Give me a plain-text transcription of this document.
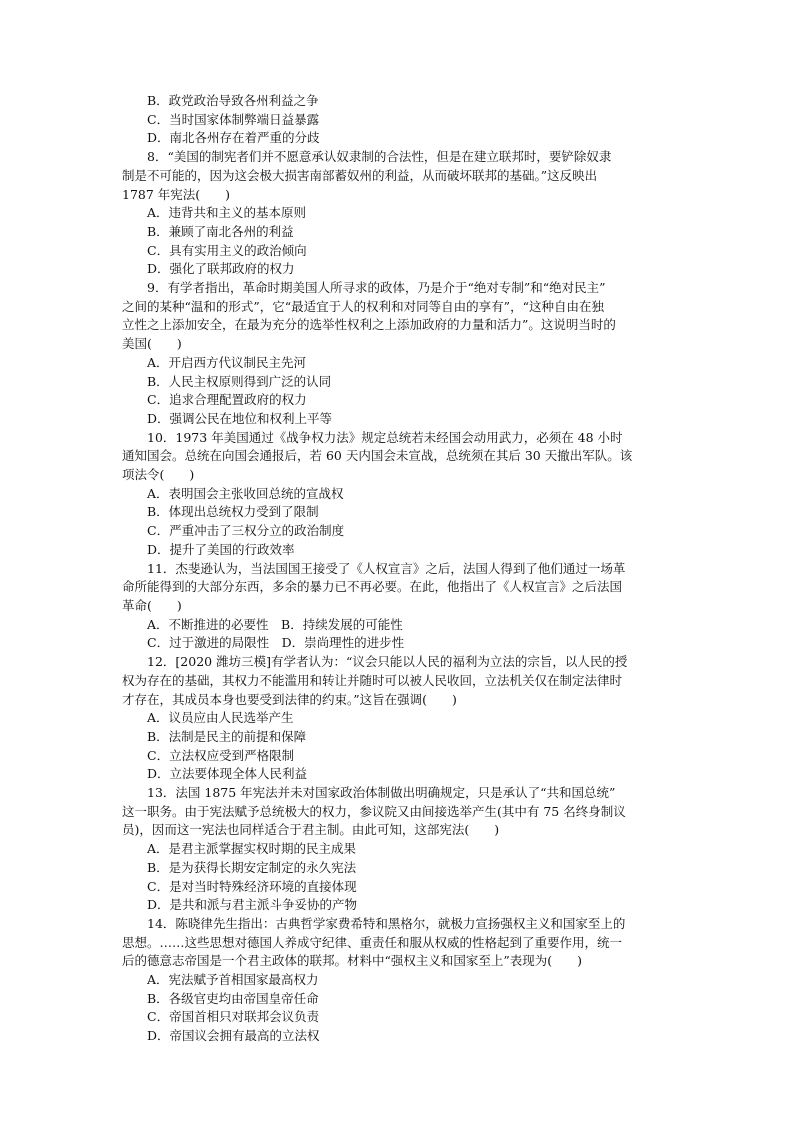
B．政党政治导致各州利益之争
C．当时国家体制弊端日益暴露
D．南北各州存在着严重的分歧
8．“美国的制宪者们并不愿意承认奴隶制的合法性，但是在建立联邦时，要铲除奴隶
制是不可能的，因为这会极大损害南部蓄奴州的利益，从而破坏联邦的基础。”这反映出
1787 年宪法(　　)
A．违背共和主义的基本原则
B．兼顾了南北各州的利益
C．具有实用主义的政治倾向
D．强化了联邦政府的权力
9．有学者指出，革命时期美国人所寻求的政体，乃是介于“绝对专制”和“绝对民主”
之间的某种“温和的形式”，它“最适宜于人的权利和对同等自由的享有”，“这种自由在独
立性之上添加安全，在最为充分的选举性权利之上添加政府的力量和活力”。这说明当时的
美国(　　)
A．开启西方代议制民主先河
B．人民主权原则得到广泛的认同
C．追求合理配置政府的权力
D．强调公民在地位和权利上平等
10．1973 年美国通过《战争权力法》规定总统若未经国会动用武力，必须在 48 小时
通知国会。总统在向国会通报后，若 60 天内国会未宣战，总统须在其后 30 天撤出军队。该
项法令(　　)
A．表明国会主张收回总统的宣战权
B．体现出总统权力受到了限制
C．严重冲击了三权分立的政治制度
D．提升了美国的行政效率
11．杰斐逊认为，当法国国王接受了《人权宣言》之后，法国人得到了他们通过一场革
命所能得到的大部分东西，多余的暴力已不再必要。在此，他指出了《人权宣言》之后法国
革命(　　)
A．不断推进的必要性　B．持续发展的可能性
C．过于激进的局限性　D．崇尚理性的进步性
12．[2020 潍坊三模]有学者认为：“议会只能以人民的福利为立法的宗旨，以人民的授
权为存在的基础，其权力不能滥用和转让并随时可以被人民收回，立法机关仅在制定法律时
才存在，其成员本身也要受到法律的约束。”这旨在强调(　　)
A．议员应由人民选举产生
B．法制是民主的前提和保障
C．立法权应受到严格限制
D．立法要体现全体人民利益
13．法国 1875 年宪法并未对国家政治体制做出明确规定，只是承认了“共和国总统”
这一职务。由于宪法赋予总统极大的权力，参议院又由间接选举产生(其中有 75 名终身制议
员)，因而这一宪法也同样适合于君主制。由此可知，这部宪法(　　)
A．是君主派掌握实权时期的民主成果
B．是为获得长期安定制定的永久宪法
C．是对当时特殊经济环境的直接体现
D．是共和派与君主派斗争妥协的产物
14．陈晓律先生指出：古典哲学家费希特和黑格尔，就极力宣扬强权主义和国家至上的
思想。……这些思想对德国人养成守纪律、重责任和服从权威的性格起到了重要作用，统一
后的德意志帝国是一个君主政体的联邦。材料中“强权主义和国家至上”表现为(　　)
A．宪法赋予首相国家最高权力
B．各级官吏均由帝国皇帝任命
C．帝国首相只对联邦会议负责
D．帝国议会拥有最高的立法权
